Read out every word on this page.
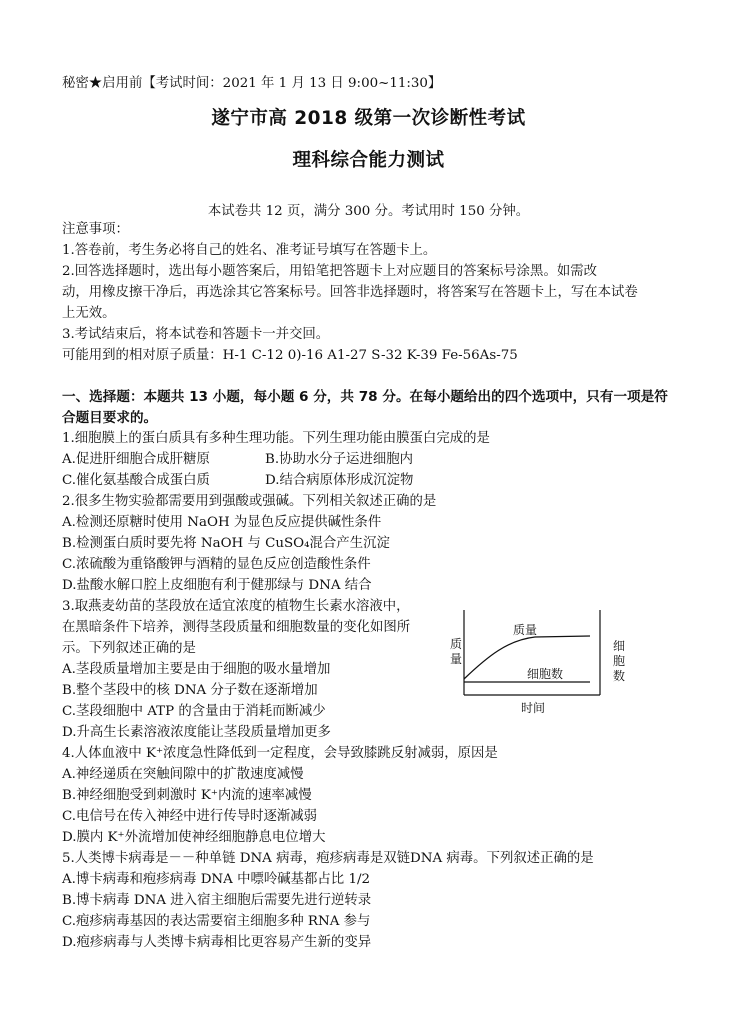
秘密★启用前【考试时间：2021 年 1 月 13 日 9:00~11:30】
遂宁市高 2018 级第一次诊断性考试
理科综合能力测试
本试卷共 12 页，满分 300 分。考试用时 150 分钟。
注意事项：
1.答卷前，考生务必将自己的姓名、准考证号填写在答题卡上。
2.回答选择题时，选出每小题答案后，用铅笔把答题卡上对应题目的答案标号涂黑。如需改
动，用橡皮擦干净后，再选涂其它答案标号。回答非选择题时，将答案写在答题卡上，写在本试卷
上无效。
3.考试结束后，将本试卷和答题卡一并交回。
可能用到的相对原子质量：H-1 C-12 0)-16 A1-27 S-32 K-39 Fe-56As-75
一、选择题：本题共 13 小题，每小题 6 分，共 78 分。在每小题给出的四个选项中，只有一项是符
合题目要求的。
1.细胞膜上的蛋白质具有多种生理功能。下列生理功能由膜蛋白完成的是
A.促进肝细胞合成肝糖原	B.协助水分子运进细胞内
C.催化氨基酸合成蛋白质	D.结合病原体形成沉淀物
2.很多生物实验都需要用到强酸或强碱。下列相关叙述正确的是
A.检测还原糖时使用 NaOH 为显色反应提供碱性条件
B.检测蛋白质时要先将 NaOH 与 CuSO₄混合产生沉淀
C.浓硫酸为重铬酸钾与酒精的显色反应创造酸性条件
D.盐酸水解口腔上皮细胞有利于健那绿与 DNA 结合
3.取燕麦幼苗的茎段放在适宜浓度的植物生长素水溶液中，
在黑暗条件下培养，测得茎段质量和细胞数量的变化如图所
示。下列叙述正确的是
A.茎段质量增加主要是由于细胞的吸水量增加
B.整个茎段中的核 DNA 分子数在逐渐增加
C.茎段细胞中 ATP 的含量由于消耗而断减少
D.升高生长素溶液浓度能让茎段质量增加更多
质
量
细
胞
数
质量
细胞数
时间
4.人体血液中 K⁺浓度急性降低到一定程度，会导致膝跳反射减弱，原因是
A.神经递质在突触间隙中的扩散速度减慢
B.神经细胞受到刺激时 K⁺内流的速率减慢
C.电信号在传入神经中进行传导时逐渐减弱
D.膜内 K⁺外流增加使神经细胞静息电位增大
5.人类博卡病毒是－－种单链 DNA 病毒，疱疹病毒是双链DNA 病毒。下列叙述正确的是
A.博卡病毒和疱疹病毒 DNA 中嘌呤碱基都占比 1/2
B.博卡病毒 DNA 进入宿主细胞后需要先进行逆转录
C.疱疹病毒基因的表达需要宿主细胞多种 RNA 参与
D.疱疹病毒与人类博卡病毒相比更容易产生新的变异
